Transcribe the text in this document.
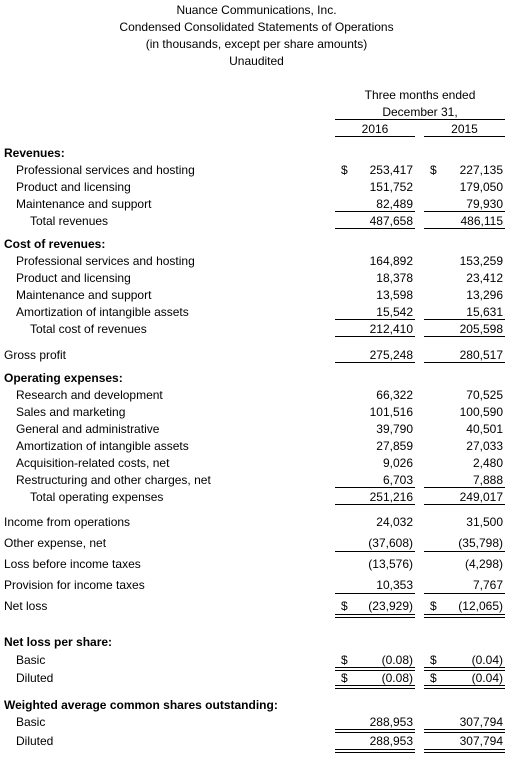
Nuance Communications, Inc.
Condensed Consolidated Statements of Operations
(in thousands, except per share amounts)
Unaudited
Three months ended
December 31,
2016	2015
Revenues:
Professional services and hosting	$	253,417 $	227,135
Product and licensing	151,752	179,050
Maintenance and support	82,489	79,930
Total revenues	487,658	486,115
Cost of revenues:
Professional services and hosting	164,892	153,259
Product and licensing	18,378	23,412
Maintenance and support	13,598	13,296
Amortization of intangible assets	15,542	15,631
Total cost of revenues	212,410	205,598
Gross profit	275,248	280,517
Operating expenses:
Research and development	66,322	70,525
Sales and marketing	101,516	100,590
General and administrative	39,790	40,501
Amortization of intangible assets	27,859	27,033
Acquisition-related costs, net	9,026	2,480
Restructuring and other charges, net	6,703	7,888
Total operating expenses	251,216	249,017
Income from operations	24,032	31,500
Other expense, net	(37,608)	(35,798)
Loss before income taxes	(13,576)	(4,298)
Provision for income taxes	10,353	7,767
Net loss	$	(23,929) $	(12,065)
Net loss per share:
Basic	$	(0.08) $	(0.04)
Diluted	$	(0.08) $	(0.04)
Weighted average common shares outstanding:
Basic	288,953	307,794
Diluted	288,953	307,794
